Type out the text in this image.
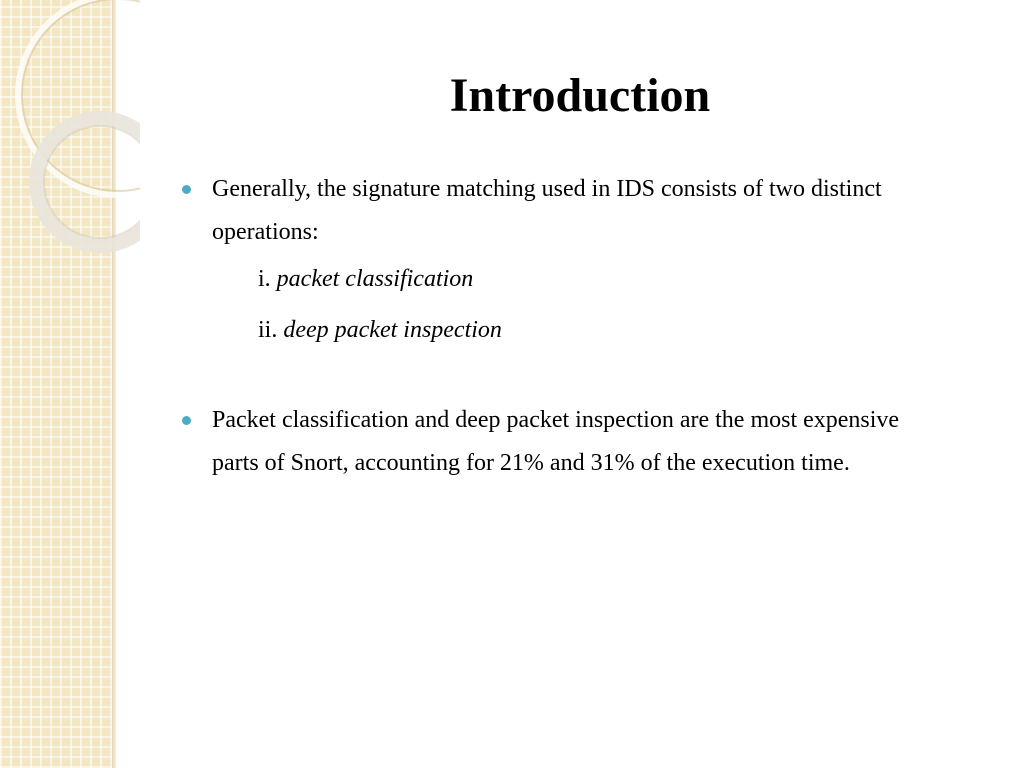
Introduction
Generally, the signature matching used in IDS consists of two distinct operations:
i. packet classification
ii. deep packet inspection
Packet classification and deep packet inspection are the most expensive parts of Snort, accounting for 21% and 31% of the execution time.
